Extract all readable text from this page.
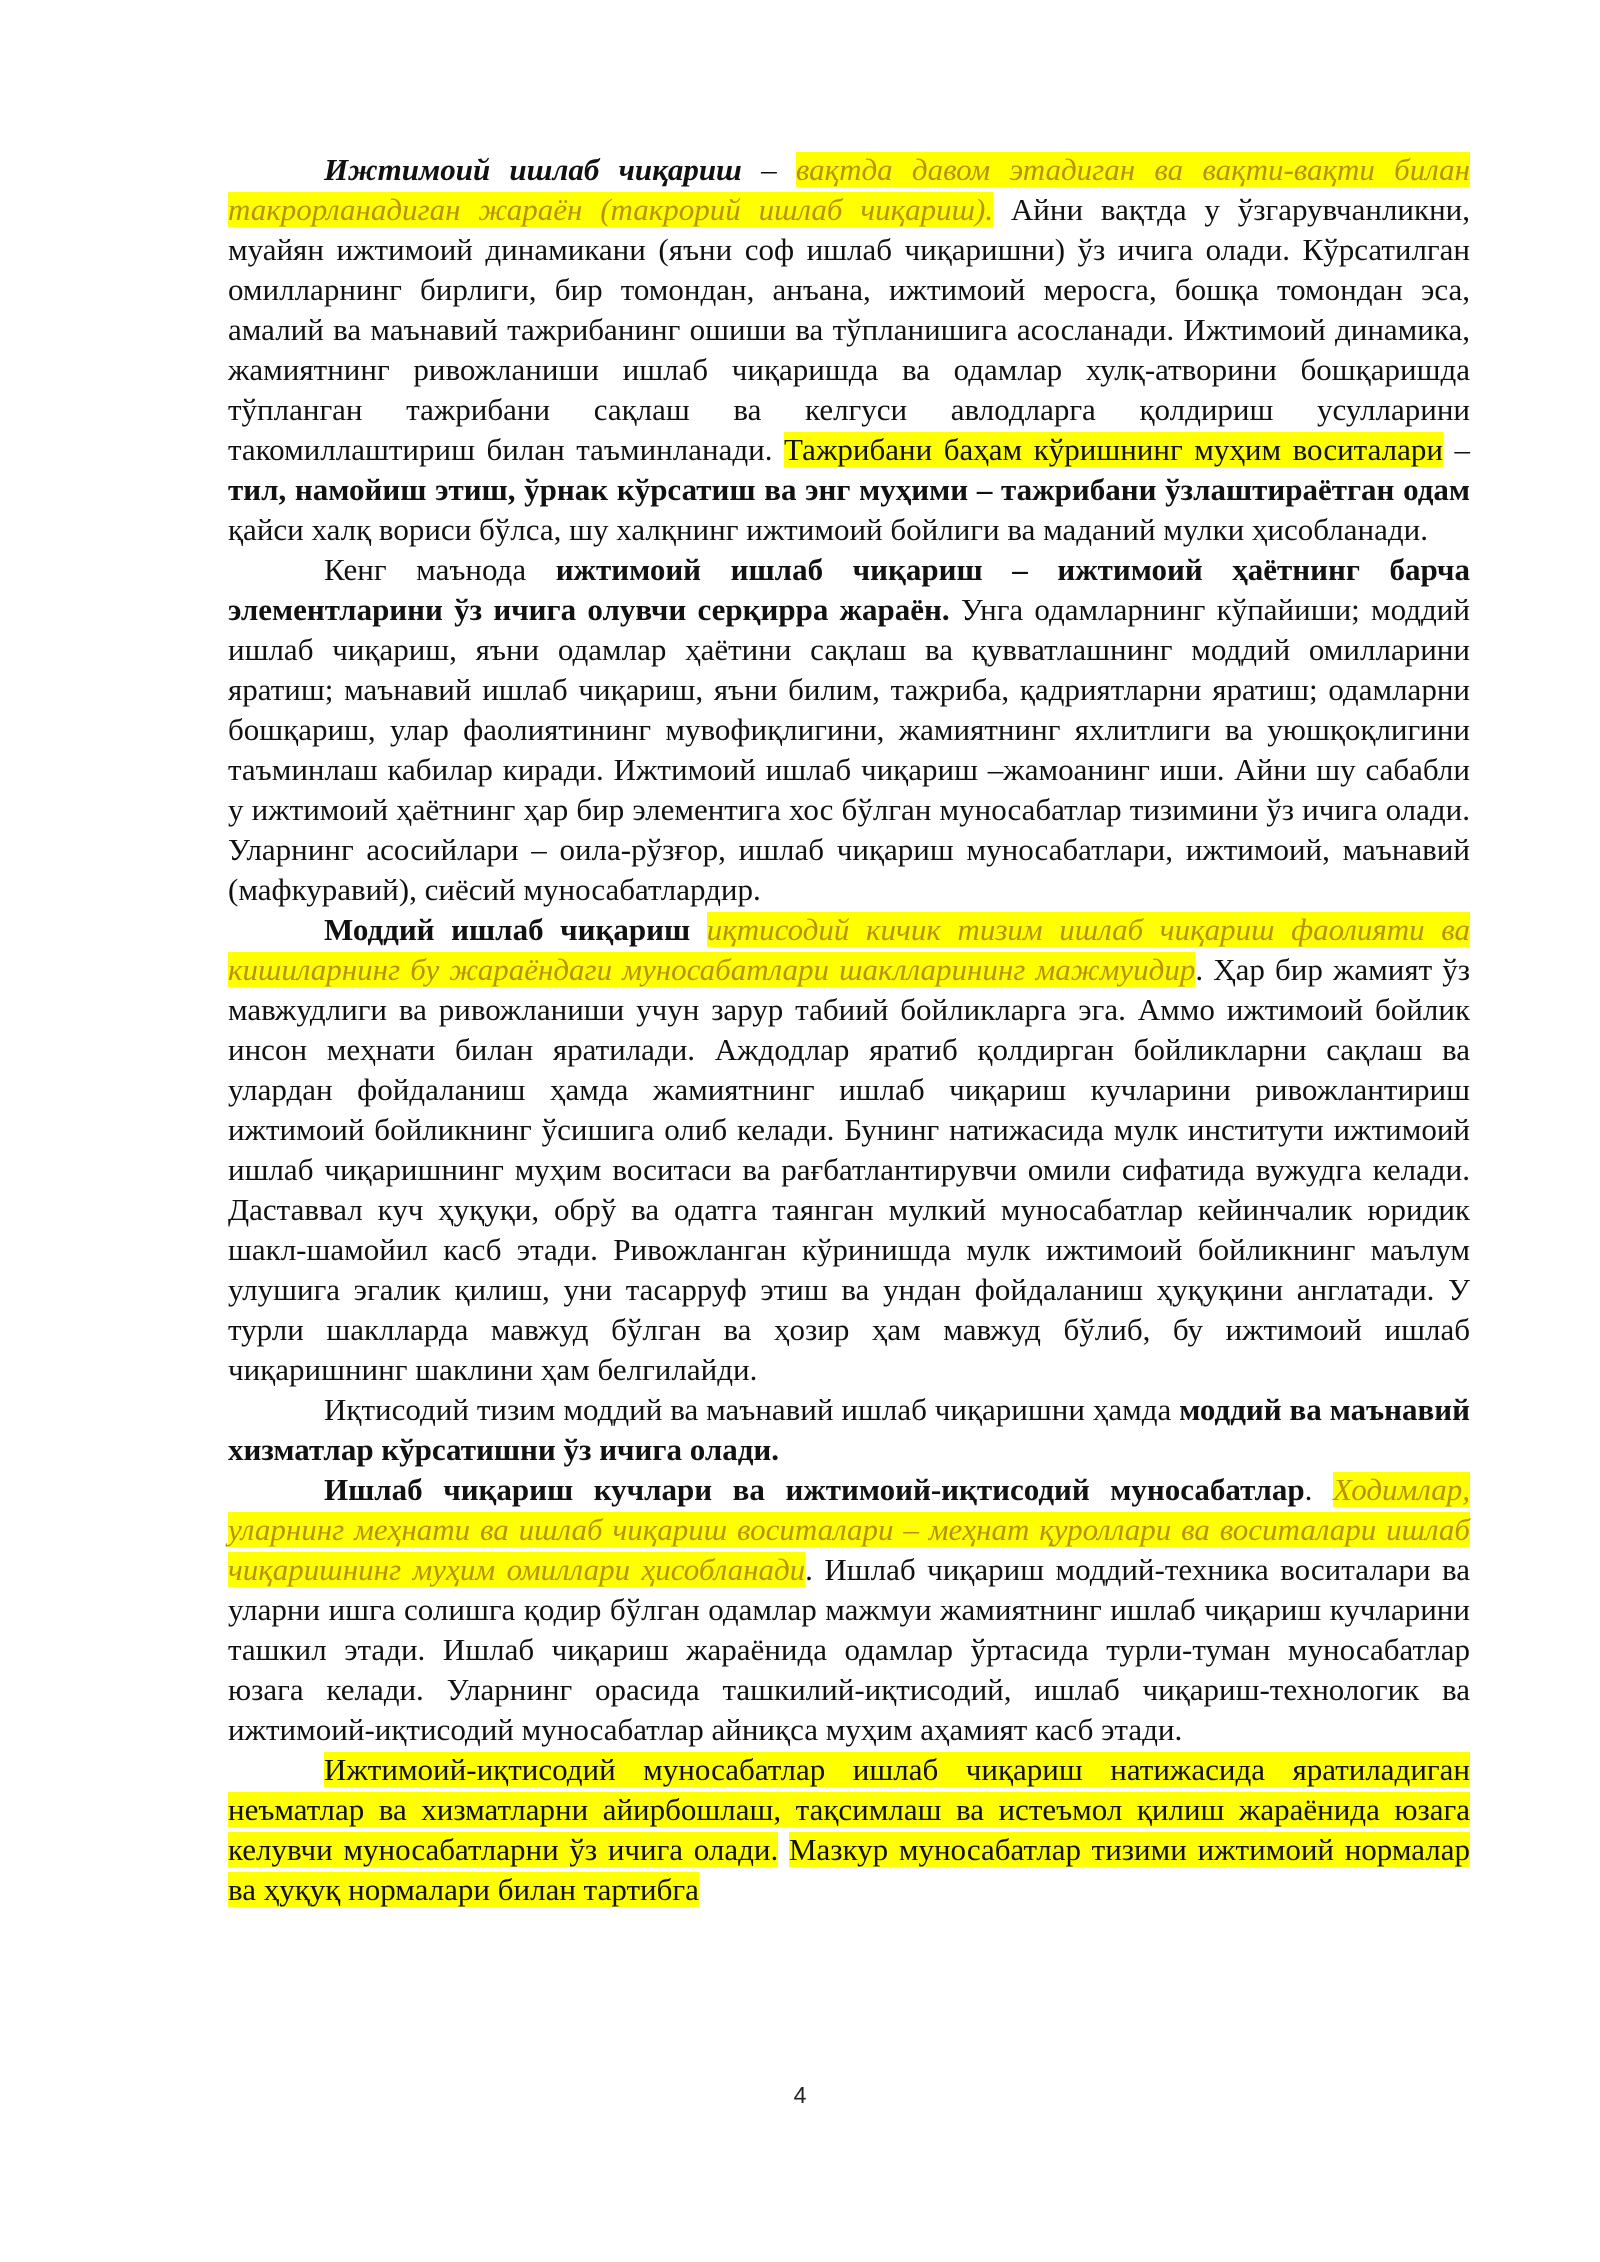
Ижтимоий ишлаб чиқариш – вақтда давом этадиган ва вақти-вақти билан такрорланадиган жараён (такрорий ишлаб чиқариш). Айни вақтда у ўзгарувчанликни, муайян ижтимоий динамикани (яъни соф ишлаб чиқаришни) ўз ичига олади. Кўрсатилган омилларнинг бирлиги, бир томондан, анъана, ижтимоий меросга, бошқа томондан эса, амалий ва маънавий тажрибанинг ошиши ва тўпланишига асосланади. Ижтимоий динамика, жамиятнинг ривожланиши ишлаб чиқаришда ва одамлар хулқ-атворини бошқаришда тўпланган тажрибани сақлаш ва келгуси авлодларга қолдириш усулларини такомиллаштириш билан таъминланади. Тажрибани баҳам кўришнинг муҳим воситалари – тил, намойиш этиш, ўрнак кўрсатиш ва энг муҳими – тажрибани ўзлаштираётган одам қайси халқ вориси бўлса, шу халқнинг ижтимоий бойлиги ва маданий мулки ҳисобланади.

Кенг маънода ижтимоий ишлаб чиқариш – ижтимоий ҳаётнинг барча элементларини ўз ичига олувчи серқирра жараён. Унга одамларнинг кўпайиши; моддий ишлаб чиқариш, яъни одамлар ҳаётини сақлаш ва қувватлашнинг моддий омилларини яратиш; маънавий ишлаб чиқариш, яъни билим, тажриба, қадриятларни яратиш; одамларни бошқариш, улар фаолиятининг мувофиқлигини, жамиятнинг яхлитлиги ва уюшқоқлигини таъминлаш кабилар киради. Ижтимоий ишлаб чиқариш –жамоанинг иши. Айни шу сабабли у ижтимоий ҳаётнинг ҳар бир элементига хос бўлган муносабатлар тизимини ўз ичига олади. Уларнинг асосийлари – оила-рўзғор, ишлаб чиқариш муносабатлари, ижтимоий, маънавий (мафкуравий), сиёсий муносабатлардир.

Моддий ишлаб чиқариш иқтисодий кичик тизим ишлаб чиқариш фаолияти ва кишиларнинг бу жараёндаги муносабатлари шаклларининг мажмуидир. Ҳар бир жамият ўз мавжудлиги ва ривожланиши учун зарур табиий бойликларга эга. Аммо ижтимоий бойлик инсон меҳнати билан яратилади. Аждодлар яратиб қолдирган бойликларни сақлаш ва улардан фойдаланиш ҳамда жамиятнинг ишлаб чиқариш кучларини ривожлантириш ижтимоий бойликнинг ўсишига олиб келади. Бунинг натижасида мулк институти ижтимоий ишлаб чиқаришнинг муҳим воситаси ва рағбатлантирувчи омили сифатида вужудга келади. Даставвал куч ҳуқуқи, обрў ва одатга таянган мулкий муносабатлар кейинчалик юридик шакл-шамойил касб этади. Ривожланган кўринишда мулк ижтимоий бойликнинг маълум улушига эгалик қилиш, уни тасарруф этиш ва ундан фойдаланиш ҳуқуқини англатади. У турли шаклларда мавжуд бўлган ва ҳозир ҳам мавжуд бўлиб, бу ижтимоий ишлаб чиқаришнинг шаклини ҳам белгилайди.

Иқтисодий тизим моддий ва маънавий ишлаб чиқаришни ҳамда моддий ва маънавий хизматлар кўрсатишни ўз ичига олади.

Ишлаб чиқариш кучлари ва ижтимоий-иқтисодий муносабатлар. Ходимлар, уларнинг меҳнати ва ишлаб чиқариш воситалари – меҳнат қуроллари ва воситалари ишлаб чиқаришнинг муҳим омиллари ҳисобланади. Ишлаб чиқариш моддий-техника воситалари ва уларни ишга солишга қодир бўлган одамлар мажмуи жамиятнинг ишлаб чиқариш кучларини ташкил этади. Ишлаб чиқариш жараёнида одамлар ўртасида турли-туман муносабатлар юзага келади. Уларнинг орасида ташкилий-иқтисодий, ишлаб чиқариш-технологик ва ижтимоий-иқтисодий муносабатлар айниқса муҳим аҳамият касб этади.

Ижтимоий-иқтисодий муносабатлар ишлаб чиқариш натижасида яратиладиган неъматлар ва хизматларни айирбошлаш, тақсимлаш ва истеъмол қилиш жараёнида юзага келувчи муносабатларни ўз ичига олади. Мазкур муносабатлар тизими ижтимоий нормалар ва ҳуқуқ нормалари билан тартибга

4
